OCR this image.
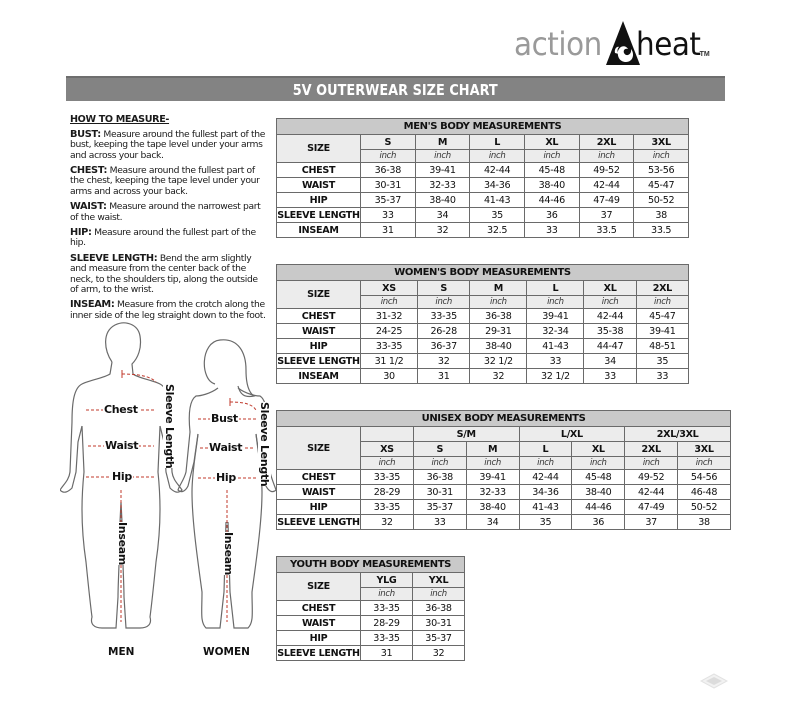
action heat TM
5V OUTERWEAR SIZE CHART
HOW TO MEASURE-

BUST: Measure around the fullest part of the bust, keeping the tape level under your arms and across your back.

CHEST: Measure around the fullest part of the chest, keeping the tape level under your arms and across your back.

WAIST: Measure around the narrowest part of the waist.

HIP: Measure around the fullest part of the hip.

SLEEVE LENGTH: Bend the arm slightly and measure from the center back of the neck, to the shoulders tip, along the outside of arm, to the wrist.

INSEAM: Measure from the crotch along the inner side of the leg straight down to the foot.

Chest
Waist
Hip
Sleeve Length
Inseam
Bust
Waist
Hip Sleeve Length
Inseam
MEN	WOMEN
MEN'S BODY MEASUREMENTS						
SIZE	S	M	L	XL	2XL	3XL
	inch	inch	inch	inch	inch	inch
CHEST	36-38	39-41	42-44	45-48	49-52	53-56
WAIST	30-31	32-33	34-36	38-40	42-44	45-47
HIP	35-37	38-40	41-43	44-46	47-49	50-52
SLEEVE LENGTH	33	34	35	36	37	38
INSEAM	31	32	32.5	33	33.5	33.5
WOMEN'S BODY MEASUREMENTS						
SIZE	XS	S	M	L	XL	2XL
	inch	inch	inch	inch	inch	inch
CHEST	31-32	33-35	36-38	39-41	42-44	45-47
WAIST	24-25	26-28	29-31	32-34	35-38	39-41
HIP	33-35	36-37	38-40	41-43	44-47	48-51
SLEEVE LENGTH	31 1/2	32	32 1/2	33	34	35
INSEAM	30	31	32	32 1/2	33	33
UNISEX BODY MEASUREMENTS							
SIZE		S/M		L/XL		2XL/3XL	
	XS	S	M	L	XL	2XL	3XL
	inch	inch	inch	inch	inch	inch	inch
CHEST	33-35	36-38	39-41	42-44	45-48	49-52	54-56
WAIST	28-29	30-31	32-33	34-36	38-40	42-44	46-48
HIP	33-35	35-37	38-40	41-43	44-46	47-49	50-52
SLEEVE LENGTH	32	33	34	35	36	37	38
YOUTH BODY MEASUREMENTS		
SIZE	YLG	YXL
	inch	inch
CHEST	33-35	36-38
WAIST	28-29	30-31
HIP	33-35	35-37
SLEEVE LENGTH	31	32
